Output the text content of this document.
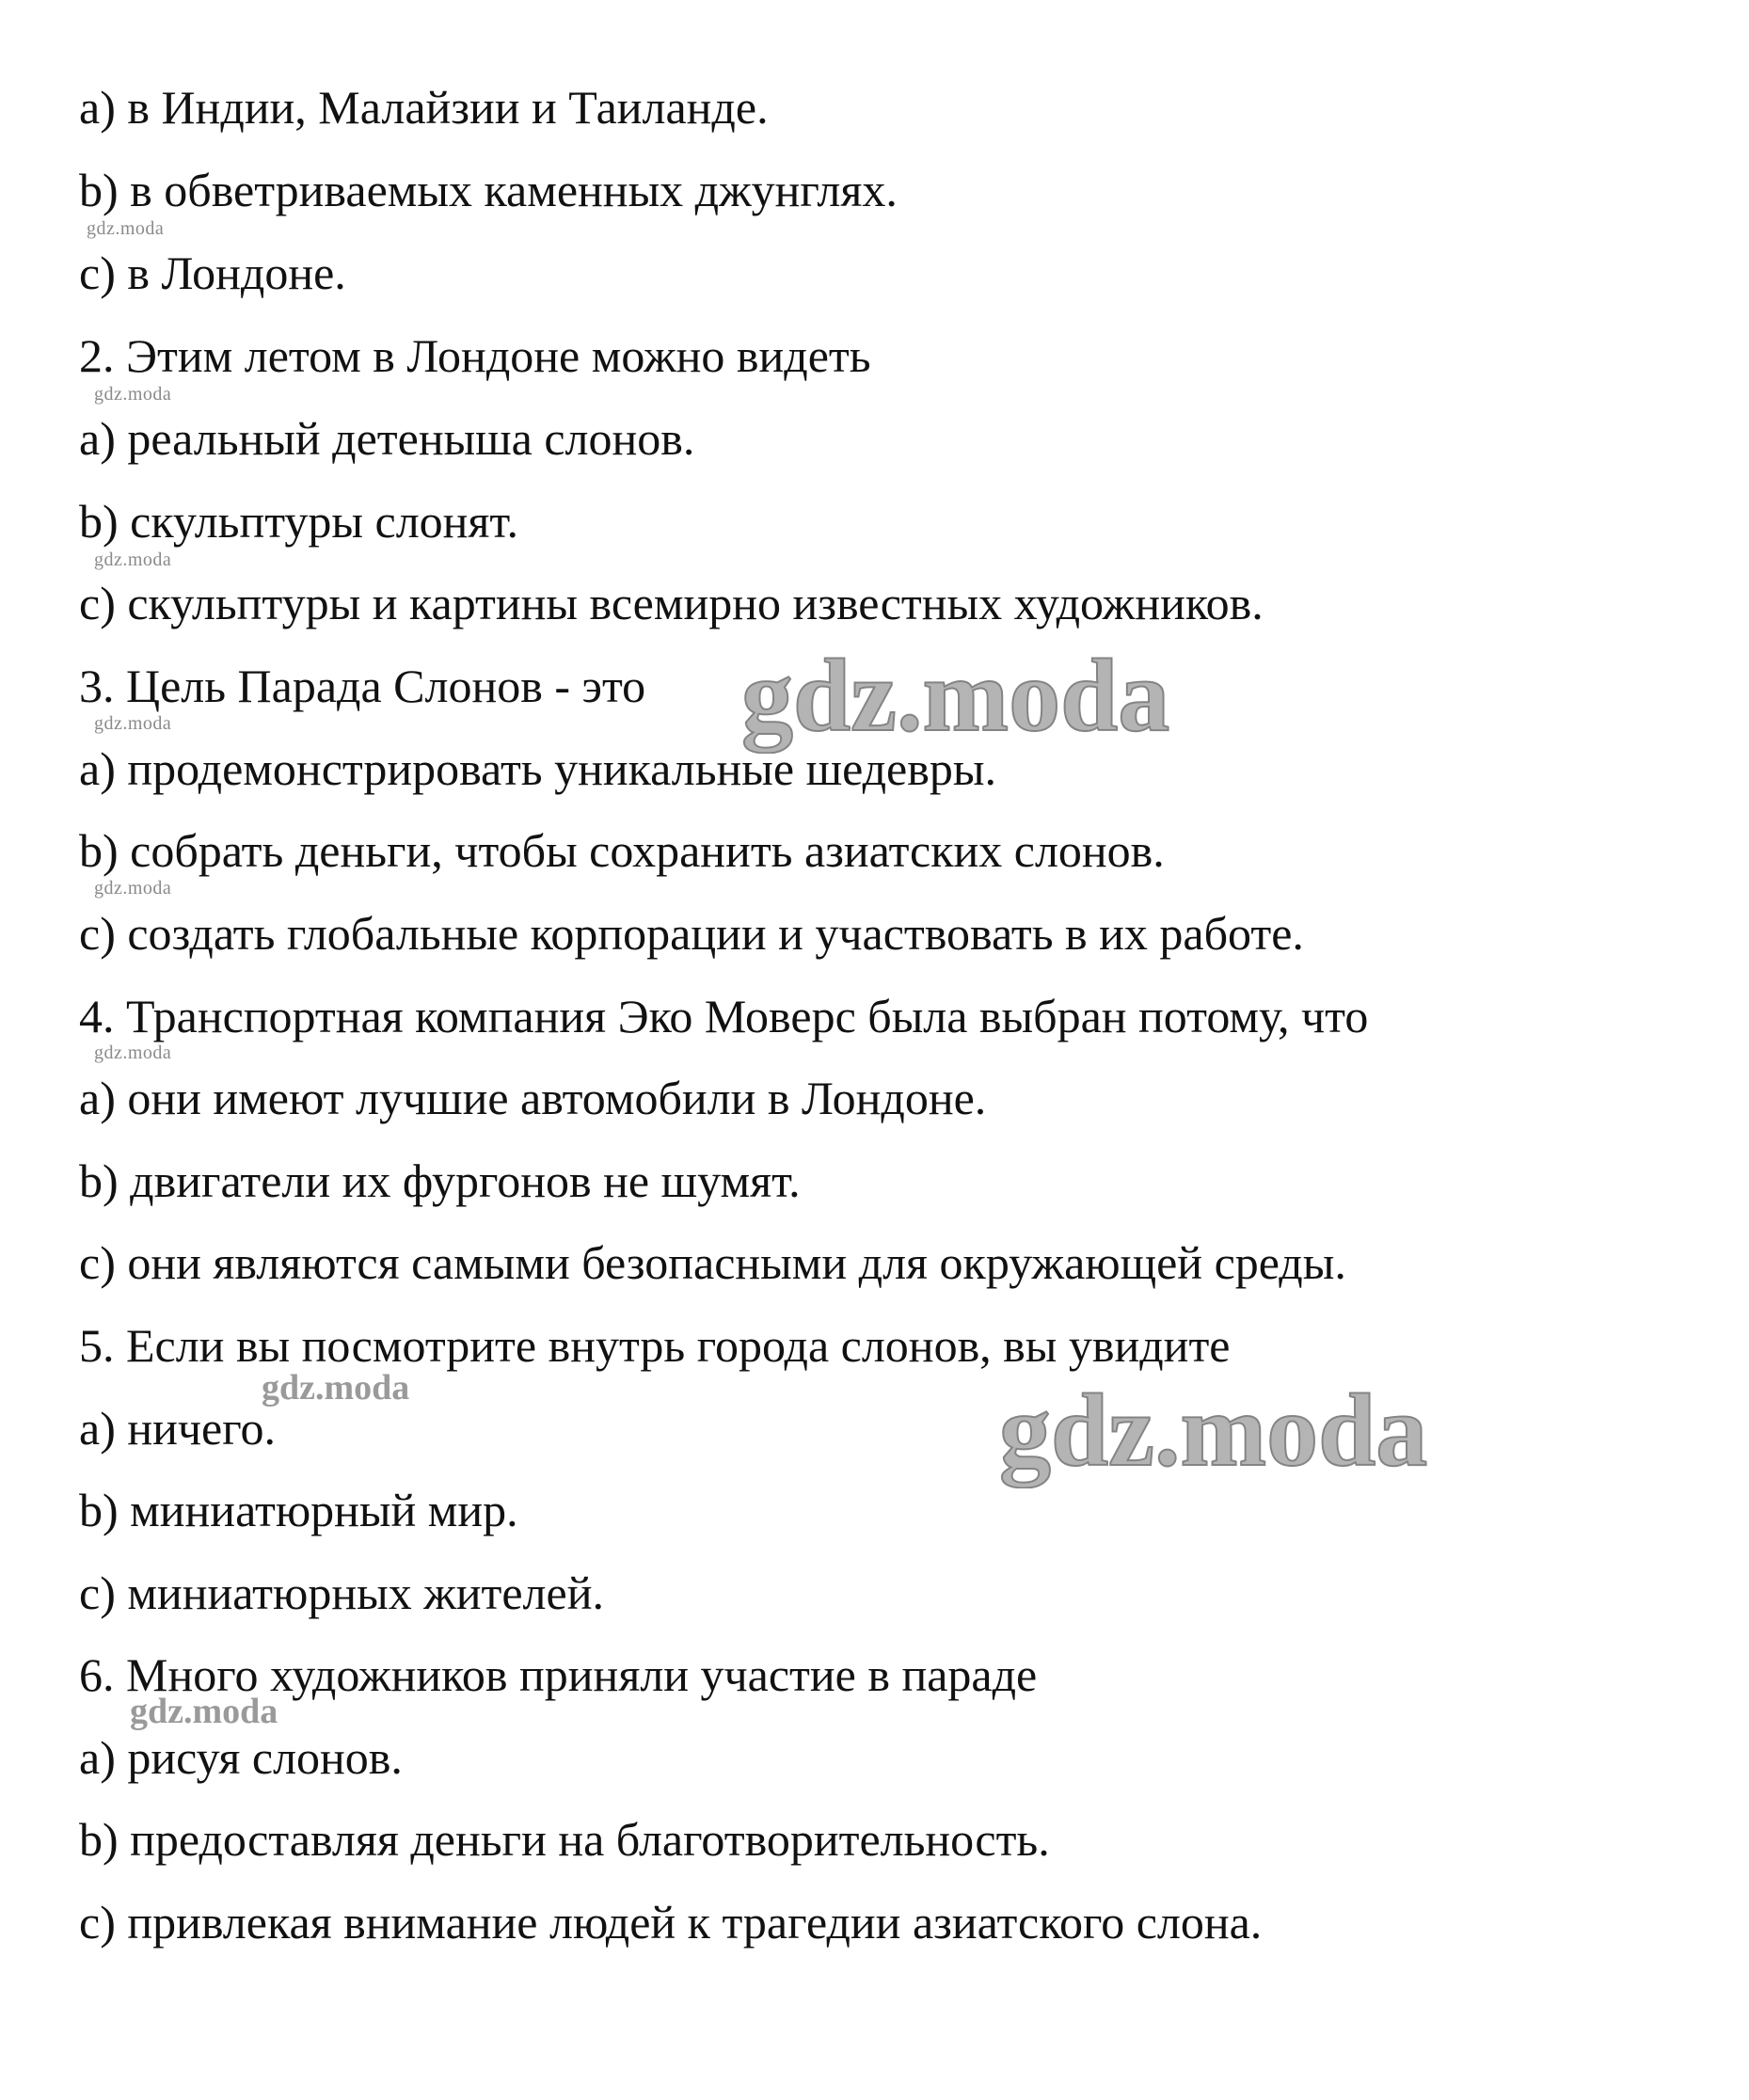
a) в Индии, Малайзии и Таиланде.
b) в обветриваемых каменных джунглях.
c) в Лондоне.
2. Этим летом в Лондоне можно видеть
a) реальный детеныша слонов.
b) скульптуры слонят.
c) скульптуры и картины всемирно известных художников.
3. Цель Парада Слонов - это
a) продемонстрировать уникальные шедевры.
b) собрать деньги, чтобы сохранить азиатских слонов.
c) создать глобальные корпорации и участвовать в их работе.
4. Транспортная компания Эко Моверс была выбран потому, что
a) они имеют лучшие автомобили в Лондоне.
b) двигатели их фургонов не шумят.
c) они являются самыми безопасными для окружающей среды.
5. Если вы посмотрите внутрь города слонов, вы увидите
a) ничего.
b) миниатюрный мир.
c) миниатюрных жителей.
6. Много художников приняли участие в параде
a) рисуя слонов.
b) предоставляя деньги на благотворительность.
c) привлекая внимание людей к трагедии азиатского слона.
gdz.moda
gdz.moda
gdz.moda
gdz.moda
gdz.moda
gdz.moda
gdz.moda
gdz.moda
gdz.moda
gdz.moda
